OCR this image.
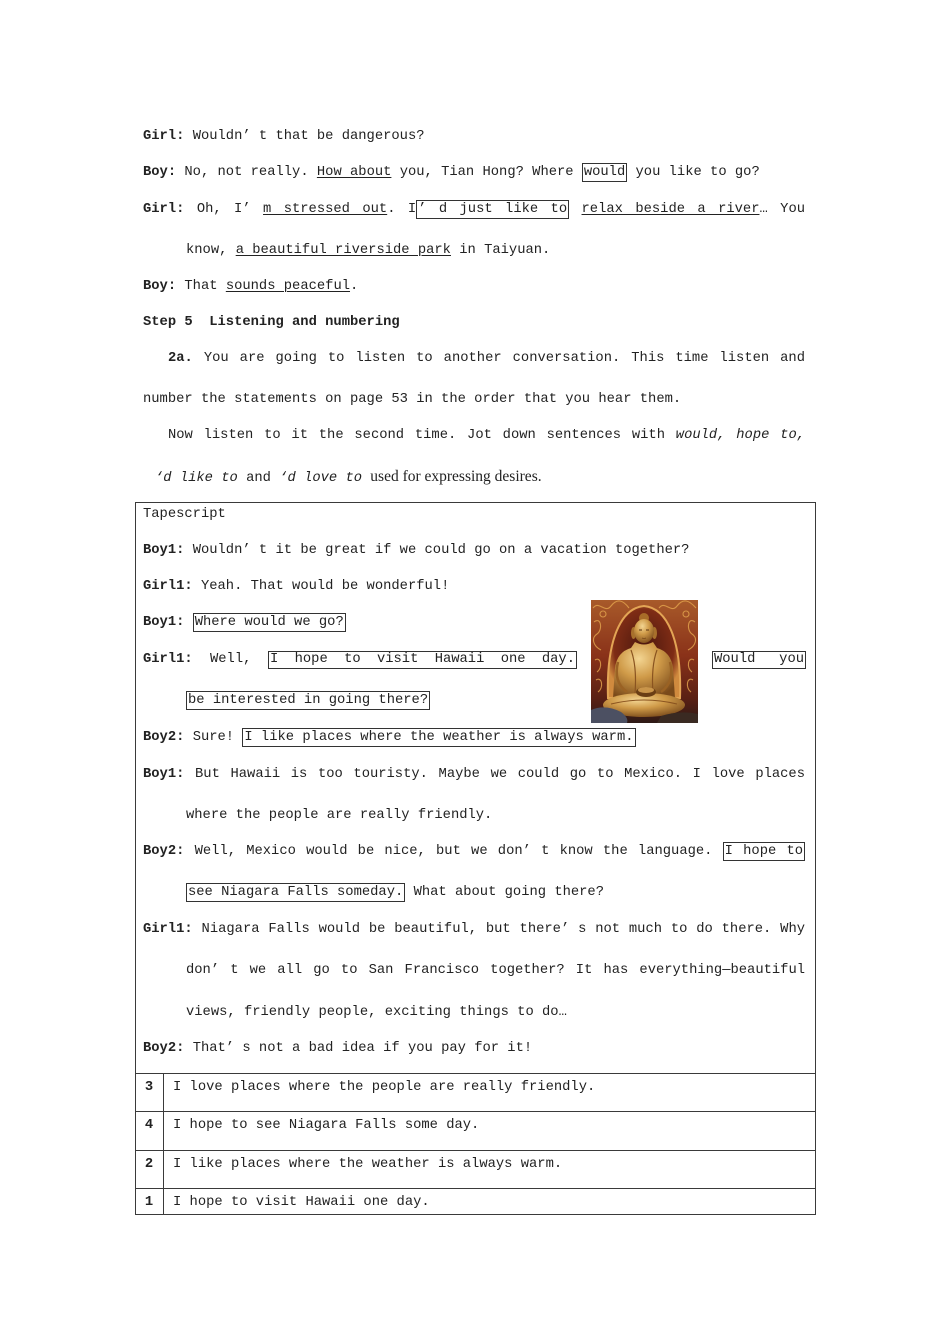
Girl: Wouldn’ t that be dangerous?
Boy: No, not really. How about you, Tian Hong? Where would you like to go?
Girl: Oh, I’ m stressed out. I ’ d just like to relax beside a river… You
know, a beautiful riverside park in Taiyuan.
Boy: That sounds peaceful.
Step 5  Listening and numbering
2a. You are going to listen to another conversation. This time listen and
number the statements on page 53 in the order that you hear them.
Now listen to it the second time. Jot down sentences with would, hope to,
‘d like to and ‘d love to used for expressing desires.
Tapescript
Boy1: Wouldn’ t it be great if we could go on a vacation together?
Girl1: Yeah. That would be wonderful!
Boy1: Where would we go?
Girl1: Well, I hope to visit Hawaii one day.	Would you
be interested in going there?
Boy2: Sure! I like places where the weather is always warm.
Boy1: But Hawaii is too touristy. Maybe we could go to Mexico. I love places
where the people are really friendly.
Boy2: Well, Mexico would be nice, but we don’ t know the language. I hope to
see Niagara Falls someday. What about going there?
Girl1: Niagara Falls would be beautiful, but there’ s not much to do there. Why
don’ t we all go to San Francisco together? It has everything—beautiful
views, friendly people, exciting things to do…
Boy2: That’ s not a bad idea if you pay for it!
3	I love places where the people are really friendly.
4	I hope to see Niagara Falls some day.
2	I like places where the weather is always warm.
1	I hope to visit Hawaii one day.
